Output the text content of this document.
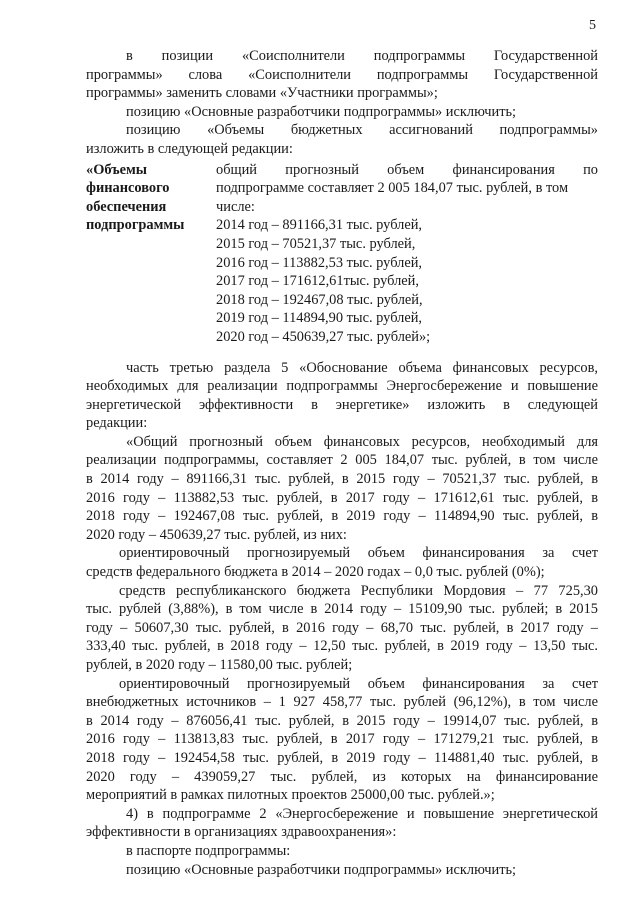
5
в позиции «Соисполнители подпрограммы Государственной
программы» слова «Соисполнители подпрограммы Государственной
программы» заменить словами «Участники программы»;
позицию «Основные разработчики подпрограммы» исключить;
позицию «Объемы бюджетных ассигнований подпрограммы»
изложить в следующей редакции:
«Объемы
финансового
обеспечения
подпрограммы
общий прогнозный объем финансирования по
подпрограмме составляет 2 005 184,07 тыс. рублей, в том
числе:
2014 год – 891166,31 тыс. рублей,
2015 год – 70521,37 тыс. рублей,
2016 год – 113882,53 тыс. рублей,
2017 год – 171612,61тыс. рублей,
2018 год – 192467,08 тыс. рублей,
2019 год – 114894,90 тыс. рублей,
2020 год – 450639,27 тыс. рублей»;
часть третью раздела 5 «Обоснование объема финансовых ресурсов,
необходимых для реализации подпрограммы Энергосбережение и повышение
энергетической эффективности в энергетике» изложить в следующей
редакции:
«Общий прогнозный объем финансовых ресурсов, необходимый для
реализации подпрограммы, составляет 2 005 184,07 тыс. рублей, в том числе
в 2014 году – 891166,31 тыс. рублей, в 2015 году – 70521,37 тыс. рублей, в
2016 году – 113882,53 тыс. рублей, в 2017 году – 171612,61 тыс. рублей, в
2018 году – 192467,08 тыс. рублей, в 2019 году – 114894,90 тыс. рублей, в
2020 году – 450639,27 тыс. рублей, из них:
ориентировочный прогнозируемый объем финансирования за счет
средств федерального бюджета в 2014 – 2020 годах – 0,0 тыс. рублей (0%);
средств республиканского бюджета Республики Мордовия – 77 725,30
тыс. рублей (3,88%), в том числе в 2014 году – 15109,90 тыс. рублей; в 2015
году – 50607,30 тыс. рублей, в 2016 году – 68,70 тыс. рублей, в 2017 году –
333,40 тыс. рублей, в 2018 году – 12,50 тыс. рублей, в 2019 году – 13,50 тыс.
рублей, в 2020 году – 11580,00 тыс. рублей;
ориентировочный прогнозируемый объем финансирования за счет
внебюджетных источников – 1 927 458,77 тыс. рублей (96,12%), в том числе
в 2014 году – 876056,41 тыс. рублей, в 2015 году – 19914,07 тыс. рублей, в
2016 году – 113813,83 тыс. рублей, в 2017 году – 171279,21 тыс. рублей, в
2018 году – 192454,58 тыс. рублей, в 2019 году – 114881,40 тыс. рублей, в
2020 году – 439059,27 тыс. рублей, из которых на финансирование
мероприятий в рамках пилотных проектов 25000,00 тыс. рублей.»;
4) в подпрограмме 2 «Энергосбережение и повышение энергетической
эффективности в организациях здравоохранения»:
в паспорте подпрограммы:
позицию «Основные разработчики подпрограммы» исключить;
